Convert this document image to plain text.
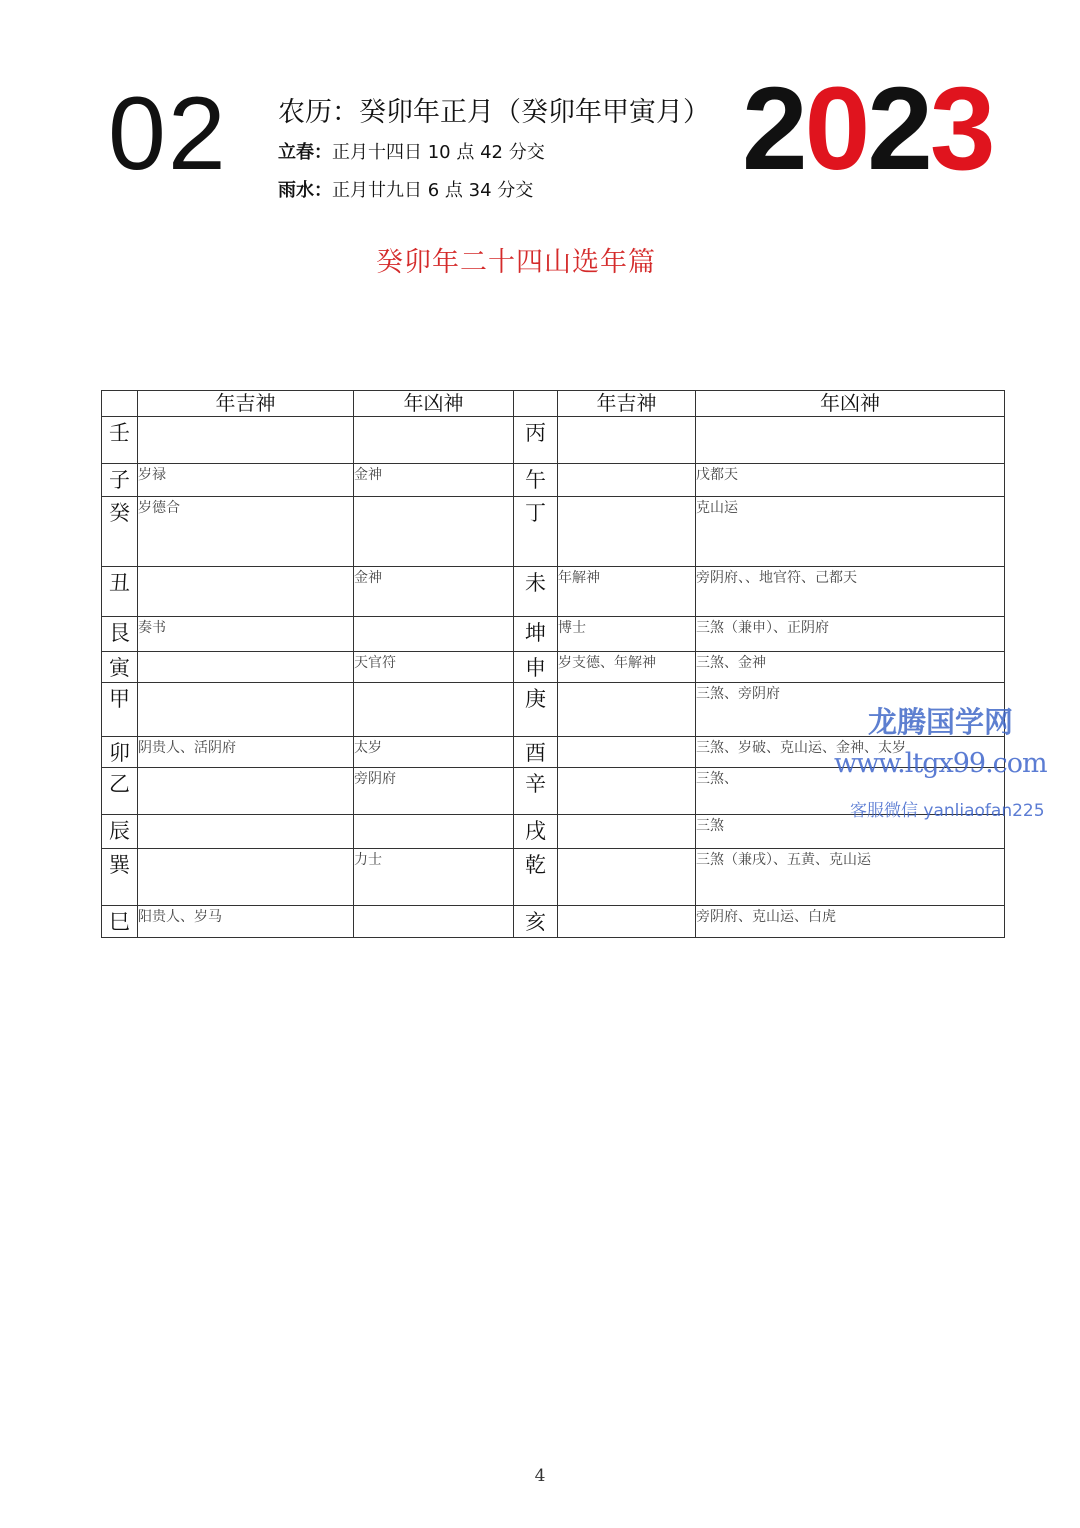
02 农历：癸卯年正月（癸卯年甲寅月）
立春：正月十四日 10 点 42 分交
雨水：正月廿九日 6 点 34 分交 2023
癸卯年二十四山选年篇
	年吉神	年凶神		年吉神	年凶神
壬			丙		
子	岁禄	金神	午		戊都天
癸	岁德合		丁		克山运
丑		金神	未	年解神	旁阴府、、地官符、己都天
艮	奏书		坤	博士	三煞（兼申）、正阴府
寅		天官符	申	岁支德、年解神	三煞、金神
甲			庚		三煞、旁阴府
卯	阴贵人、活阴府	太岁	酉		三煞、岁破、克山运、金神、太岁
乙		旁阴府	辛		三煞、
辰			戌		三煞
巽		力士	乾		三煞（兼戌）、五黄、克山运
巳	阳贵人、岁马		亥		旁阴府、克山运、白虎
龙腾国学网
www.ltgx99.com
客服微信 yanliaofan225
4
